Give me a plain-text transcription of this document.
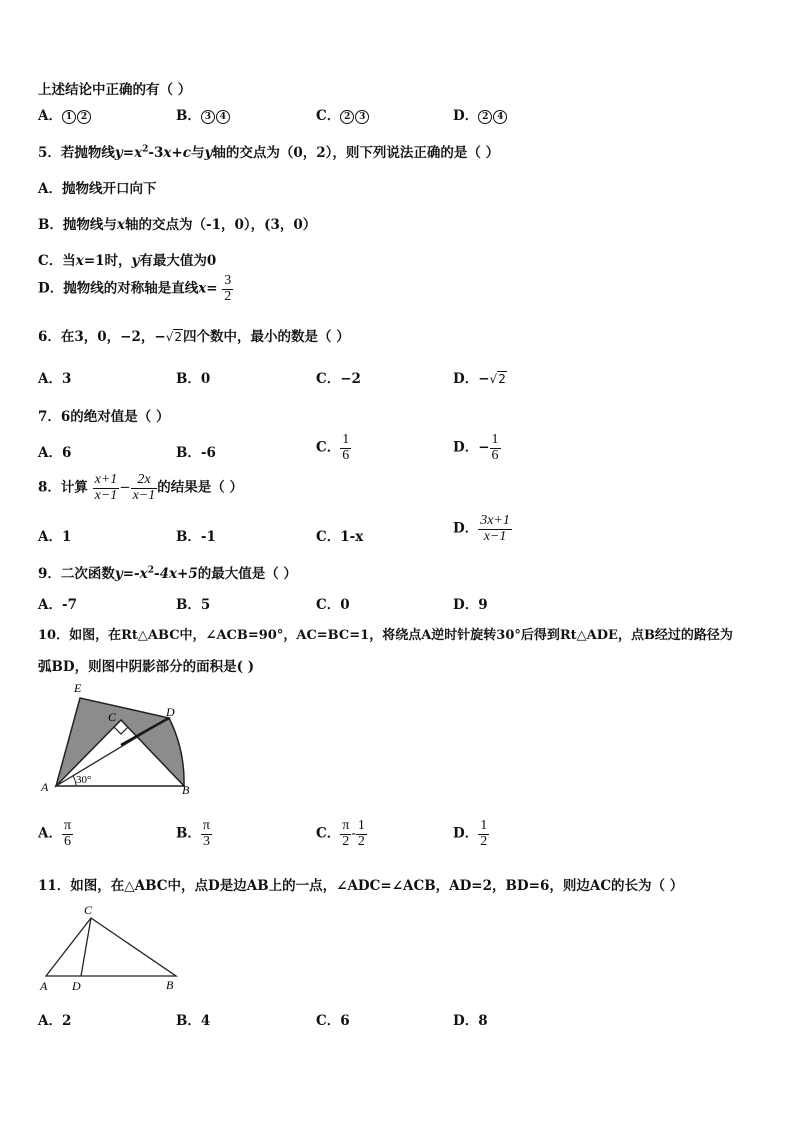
上述结论中正确的有（ ）
A． 1 2	B． 3 4	C． 2 3	D． 2 4
5．若抛物线$y=x^2-3x+c$与y轴的交点为（0，2），则下列说法正确的是（ ）
A．抛物线开口向下
B．抛物线与x轴的交点为（-1，0），(3，0）
C．当x=1时，y有最大值为0
D．抛物线的对称轴是直线$x= \frac{3}{2}$
6．在3，0，−2，−√2四个数中，最小的数是（ ）
A．3	B．0	C．−2	D．−√2
7．6的绝对值是（ ）
A．6	B．-6	C． $\frac{1}{6}$	D．− $\frac{1}{6}$
8．计算 $\frac{x+1}{x-1} - \frac{2x}{x-1}$ 的结果是（ ）
A．1	B．-1	C．1-x
D． $\frac{3x+1}{x-1}$
9．二次函数$y=-x^2-4x+5$的最大值是（ ）
A．-7	B．5	C．0	D．9
10．如图，在Rt△ABC中，∠ACB=90°，AC=BC=1，将绕点A逆时针旋转30°后得到Rt△ADE，点B经过的路径为
弧BD，则图中阴影部分的面积是( )
E
C	D
A	B
30°
A． $\frac{\pi}{6}$	B． $\frac{\pi}{3}$	C． $\frac{\pi}{2} - \frac{1}{2}$	D． $\frac{1}{2}$
11．如图，在△ABC中，点D是边AB上的一点，∠ADC=∠ACB，AD=2，BD=6，则边AC的长为（ ）
C
A D	B
A．2	B．4	C．6	D．8
